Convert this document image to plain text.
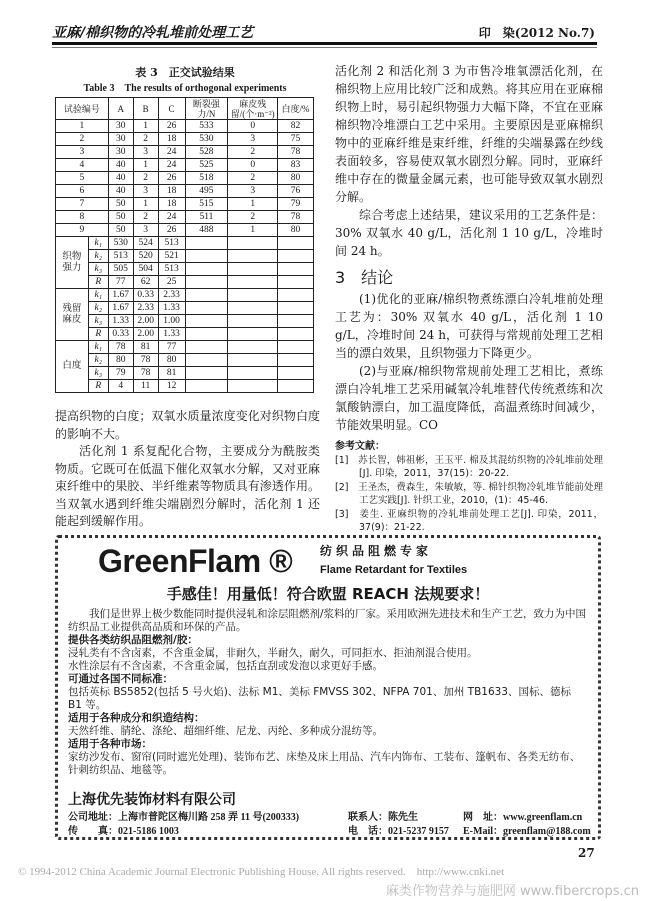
亚麻/棉织物的冷轧堆前处理工艺	印　染(2012 No.7)
表 3　正交试验结果
Table 3　The results of orthogonal experiments
试验编号		A	B	C	断裂强力/N	麻皮残留/(个·m⁻²)	白度/%
1		30	1	26	533	0	82
2		30	2	18	530	3	75
3		30	3	24	528	2	78
4		40	1	24	525	0	83
5		40	2	26	518	2	80
6		40	3	18	495	3	76
7		50	1	18	515	1	79
8		50	2	24	511	2	78
9		50	3	26	488	1	80
织物强力	k₁	530	524	513			
	k₂	513	520	521			
	k₃	505	504	513			
	R	77	62	25			
残留麻皮	k₁	1.67	0.33	2.33			
	k₂	1.67	2.33	1.33			
	k₃	1.33	2.00	1.00			
	R	0.33	2.00	1.33			
白度	k₁	78	81	77			
	k₂	80	78	80			
	k₃	79	78	81			
	R	4	11	12			

提高织物的白度；双氧水质量浓度变化对织物白度的影响不大。

活化剂 1 系复配化合物，主要成分为酰胺类物质。它既可在低温下催化双氧水分解，又对亚麻束纤维中的果胶、半纤维素等物质具有渗透作用。当双氧水遇到纤维尖端剧烈分解时，活化剂 1 还能起到缓解作用。

活化剂 2 和活化剂 3 为市售冷堆氧漂活化剂，在棉织物上应用比较广泛和成熟。将其应用在亚麻棉织物上时，易引起织物强力大幅下降，不宜在亚麻棉织物冷堆漂白工艺中采用。主要原因是亚麻棉织物中的亚麻纤维是束纤维，纤维的尖端暴露在纱线表面较多，容易使双氧水剧烈分解。同时，亚麻纤维中存在的微量金属元素，也可能导致双氧水剧烈分解。

综合考虑上述结果，建议采用的工艺条件是：30% 双氧水 40 g/L，活化剂 1 10 g/L，冷堆时间 24 h。

3　结论

(1)优化的亚麻/棉织物煮练漂白冷轧堆前处理工艺为：30% 双氧水 40 g/L，活化剂 1 10 g/L，冷堆时间 24 h，可获得与常规前处理工艺相当的漂白效果，且织物强力下降更少。

(2)与亚麻/棉织物常规前处理工艺相比，煮练漂白冷轧堆工艺采用碱氧冷轧堆替代传统煮练和次氯酸钠漂白，加工温度降低，高温煮练时间减少，节能效果明显。CO

参考文献：
[1]　苏长智，韩祖彬，王玉平. 棉及其混纺织物的冷轧堆前处理[J]. 印染，2011，37(15)：20-22.
[2]　王圣杰，费森生，朱敏敏，等. 棉针织物冷轧堆节能前处理工艺实践[J]. 针织工业，2010，(1)：45-46.
[3]　姜生. 亚麻织物的冷轧堆前处理工艺[J]. 印染，2011，37(9)：21-22.
GreenFlam ® 纺织品阻燃专家
Flame Retardant for Textiles
手感佳！用量低！符合欧盟 REACH 法规要求！

我们是世界上极少数能同时提供浸轧和涂层阻燃剂/浆料的厂家。采用欧洲先进技术和生产工艺，致力为中国纺织品工业提供高品质和环保的产品。

提供各类纺织品阻燃剂/胶：

浸轧类有不含卤素，不含重金属，非耐久，半耐久，耐久，可同拒水、拒油剂混合使用。

水性涂层有不含卤素，不含重金属，包括直刮或发泡以求更好手感。

可通过各国不同标准：

包括英标 BS5852(包括 5 号火焰)、法标 M1、美标 FMVSS 302、NFPA 701、加州 TB1633、国标、德标 B1 等。

适用于各种成分和织造结构：

天然纤维、腈纶、涤纶、超细纤维、尼龙、丙纶、多种成分混纺等。

适用于各种市场：

家纺沙发布、窗帘(同时遮光处理)、装饰布艺、床垫及床上用品、汽车内饰布、工装布、篷帆布、各类无纺布、针刺纺织品、地毯等。

上海优先装饰材料有限公司
公司地址：上海市普陀区梅川路 258 弄 11 号(200333)	联系人：陈先生	网　址：www.greenflam.cn
传　　真：021-5186 1003	电　话：021-5237 9157 E-Mail：greenflam@188.com
27
© 1994-2012 China Academic Journal Electronic Publishing House. All rights reserved.　http://www.cnki.net
麻类作物营养与施肥网 www.fibercrops.cn
